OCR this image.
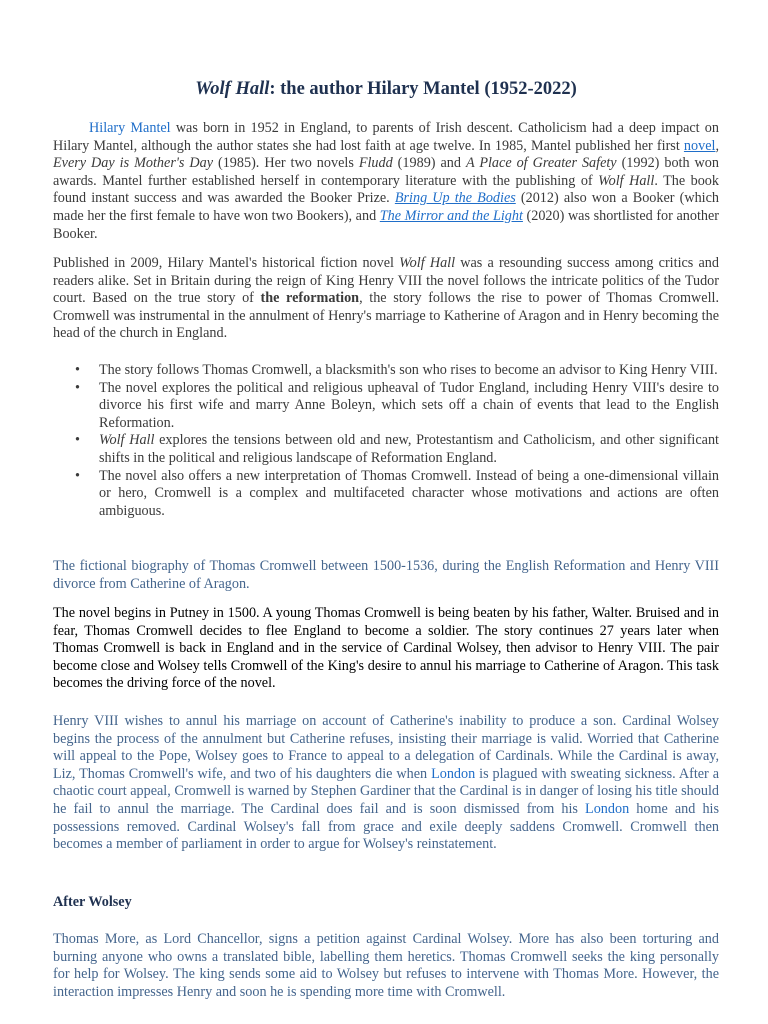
Wolf Hall: the author Hilary Mantel (1952-2022)

Hilary Mantel was born in 1952 in England, to parents of Irish descent. Catholicism had a deep impact on Hilary Mantel, although the author states she had lost faith at age twelve. In 1985, Mantel published her first novel, Every Day is Mother's Day (1985). Her two novels Fludd (1989) and A Place of Greater Safety (1992) both won awards. Mantel further established herself in contemporary literature with the publishing of Wolf Hall. The book found instant success and was awarded the Booker Prize. Bring Up the Bodies (2012) also won a Booker (which made her the first female to have won two Bookers), and The Mirror and the Light (2020) was shortlisted for another Booker.

Published in 2009, Hilary Mantel's historical fiction novel Wolf Hall was a resounding success among critics and readers alike. Set in Britain during the reign of King Henry VIII the novel follows the intricate politics of the Tudor court. Based on the true story of the reformation, the story follows the rise to power of Thomas Cromwell. Cromwell was instrumental in the annulment of Henry's marriage to Katherine of Aragon and in Henry becoming the head of the church in England.

• The story follows Thomas Cromwell, a blacksmith's son who rises to become an advisor to King Henry VIII.
• The novel explores the political and religious upheaval of Tudor England, including Henry VIII's desire to divorce his first wife and marry Anne Boleyn, which sets off a chain of events that lead to the English Reformation.
• Wolf Hall explores the tensions between old and new, Protestantism and Catholicism, and other significant shifts in the political and religious landscape of Reformation England.
• The novel also offers a new interpretation of Thomas Cromwell. Instead of being a one-dimensional villain or hero, Cromwell is a complex and multifaceted character whose motivations and actions are often ambiguous.

The fictional biography of Thomas Cromwell between 1500-1536, during the English Reformation and Henry VIII divorce from Catherine of Aragon.

The novel begins in Putney in 1500. A young Thomas Cromwell is being beaten by his father, Walter. Bruised and in fear, Thomas Cromwell decides to flee England to become a soldier. The story continues 27 years later when Thomas Cromwell is back in England and in the service of Cardinal Wolsey, then advisor to Henry VIII. The pair become close and Wolsey tells Cromwell of the King's desire to annul his marriage to Catherine of Aragon. This task becomes the driving force of the novel.

Henry VIII wishes to annul his marriage on account of Catherine's inability to produce a son. Cardinal Wolsey begins the process of the annulment but Catherine refuses, insisting their marriage is valid. Worried that Catherine will appeal to the Pope, Wolsey goes to France to appeal to a delegation of Cardinals. While the Cardinal is away, Liz, Thomas Cromwell's wife, and two of his daughters die when London is plagued with sweating sickness. After a chaotic court appeal, Cromwell is warned by Stephen Gardiner that the Cardinal is in danger of losing his title should he fail to annul the marriage. The Cardinal does fail and is soon dismissed from his London home and his possessions removed. Cardinal Wolsey's fall from grace and exile deeply saddens Cromwell. Cromwell then becomes a member of parliament in order to argue for Wolsey's reinstatement.

After Wolsey

Thomas More, as Lord Chancellor, signs a petition against Cardinal Wolsey. More has also been torturing and burning anyone who owns a translated bible, labelling them heretics. Thomas Cromwell seeks the king personally for help for Wolsey. The king sends some aid to Wolsey but refuses to intervene with Thomas More. However, the interaction impresses Henry and soon he is spending more time with Cromwell.
